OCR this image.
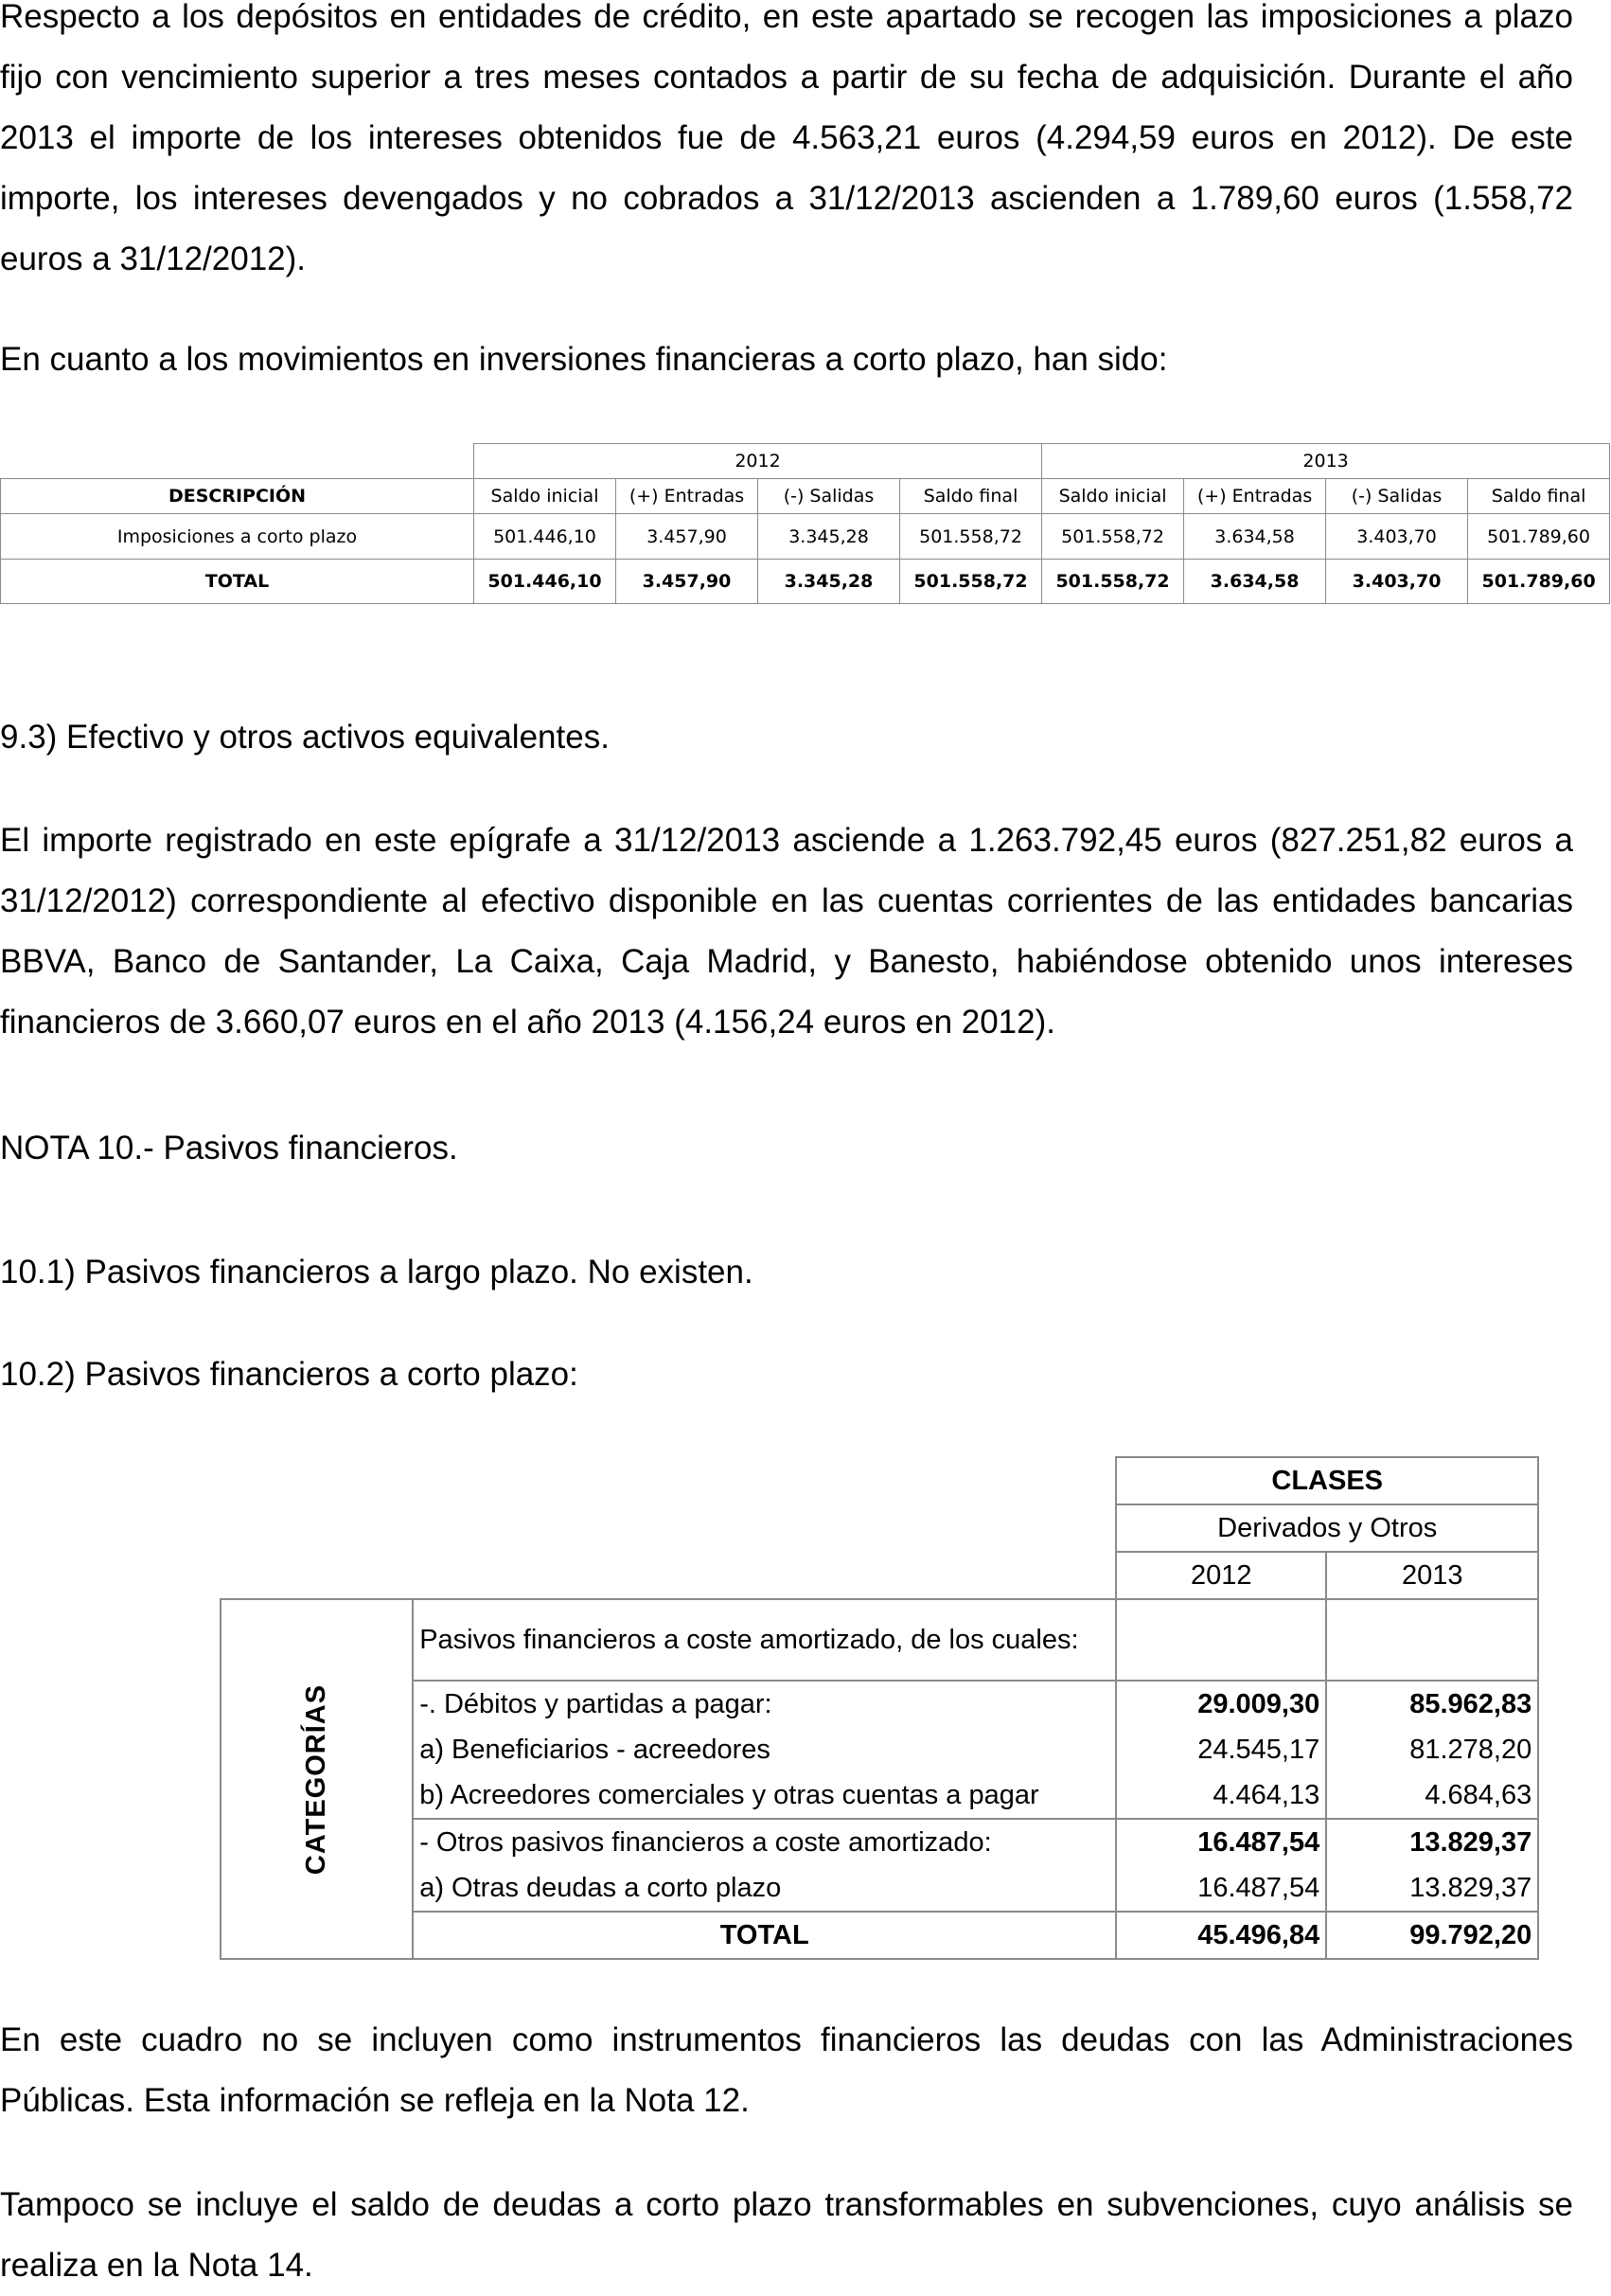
Respecto a los depósitos en entidades de crédito, en este apartado se recogen las imposiciones a plazo fijo con vencimiento superior a tres meses contados a partir de su fecha de adquisición. Durante el año 2013 el importe de los intereses obtenidos fue de 4.563,21 euros (4.294,59 euros en 2012). De este importe, los intereses devengados y no cobrados a 31/12/2013 ascienden a 1.789,60 euros (1.558,72 euros a 31/12/2012).

En cuanto a los movimientos en inversiones financieras a corto plazo, han sido:

	2012				2013			
DESCRIPCIÓN	Saldo inicial	(+) Entradas	(-) Salidas	Saldo final	Saldo inicial	(+) Entradas	(-) Salidas	Saldo final
Imposiciones a corto plazo	501.446,10	3.457,90	3.345,28	501.558,72	501.558,72	3.634,58	3.403,70	501.789,60
TOTAL	501.446,10	3.457,90	3.345,28	501.558,72	501.558,72	3.634,58	3.403,70	501.789,60

9.3) Efectivo y otros activos equivalentes.

El importe registrado en este epígrafe a 31/12/2013 asciende a 1.263.792,45 euros (827.251,82 euros a 31/12/2012) correspondiente al efectivo disponible en las cuentas corrientes de las entidades bancarias BBVA, Banco de Santander, La Caixa, Caja Madrid, y Banesto, habiéndose obtenido unos intereses financieros de 3.660,07 euros en el año 2013 (4.156,24 euros en 2012).

NOTA 10.- Pasivos financieros.

10.1) Pasivos financieros a largo plazo. No existen.

10.2) Pasivos financieros a corto plazo:

		CLASES	
		Derivados y Otros	
		2012	2013
CATEGORÍAS	Pasivos financieros a coste amortizado, de los cuales:		
	-. Débitos y partidas a pagar:	29.009,30	85.962,83
	a) Beneficiarios - acreedores	24.545,17	81.278,20
	b) Acreedores comerciales y otras cuentas a pagar	4.464,13	4.684,63
	- Otros pasivos financieros a coste amortizado:	16.487,54	13.829,37
	a) Otras deudas a corto plazo	16.487,54	13.829,37
	TOTAL	45.496,84	99.792,20

En este cuadro no se incluyen como instrumentos financieros las deudas con las Administraciones Públicas. Esta información se refleja en la Nota 12.

Tampoco se incluye el saldo de deudas a corto plazo transformables en subvenciones, cuyo análisis se realiza en la Nota 14.
